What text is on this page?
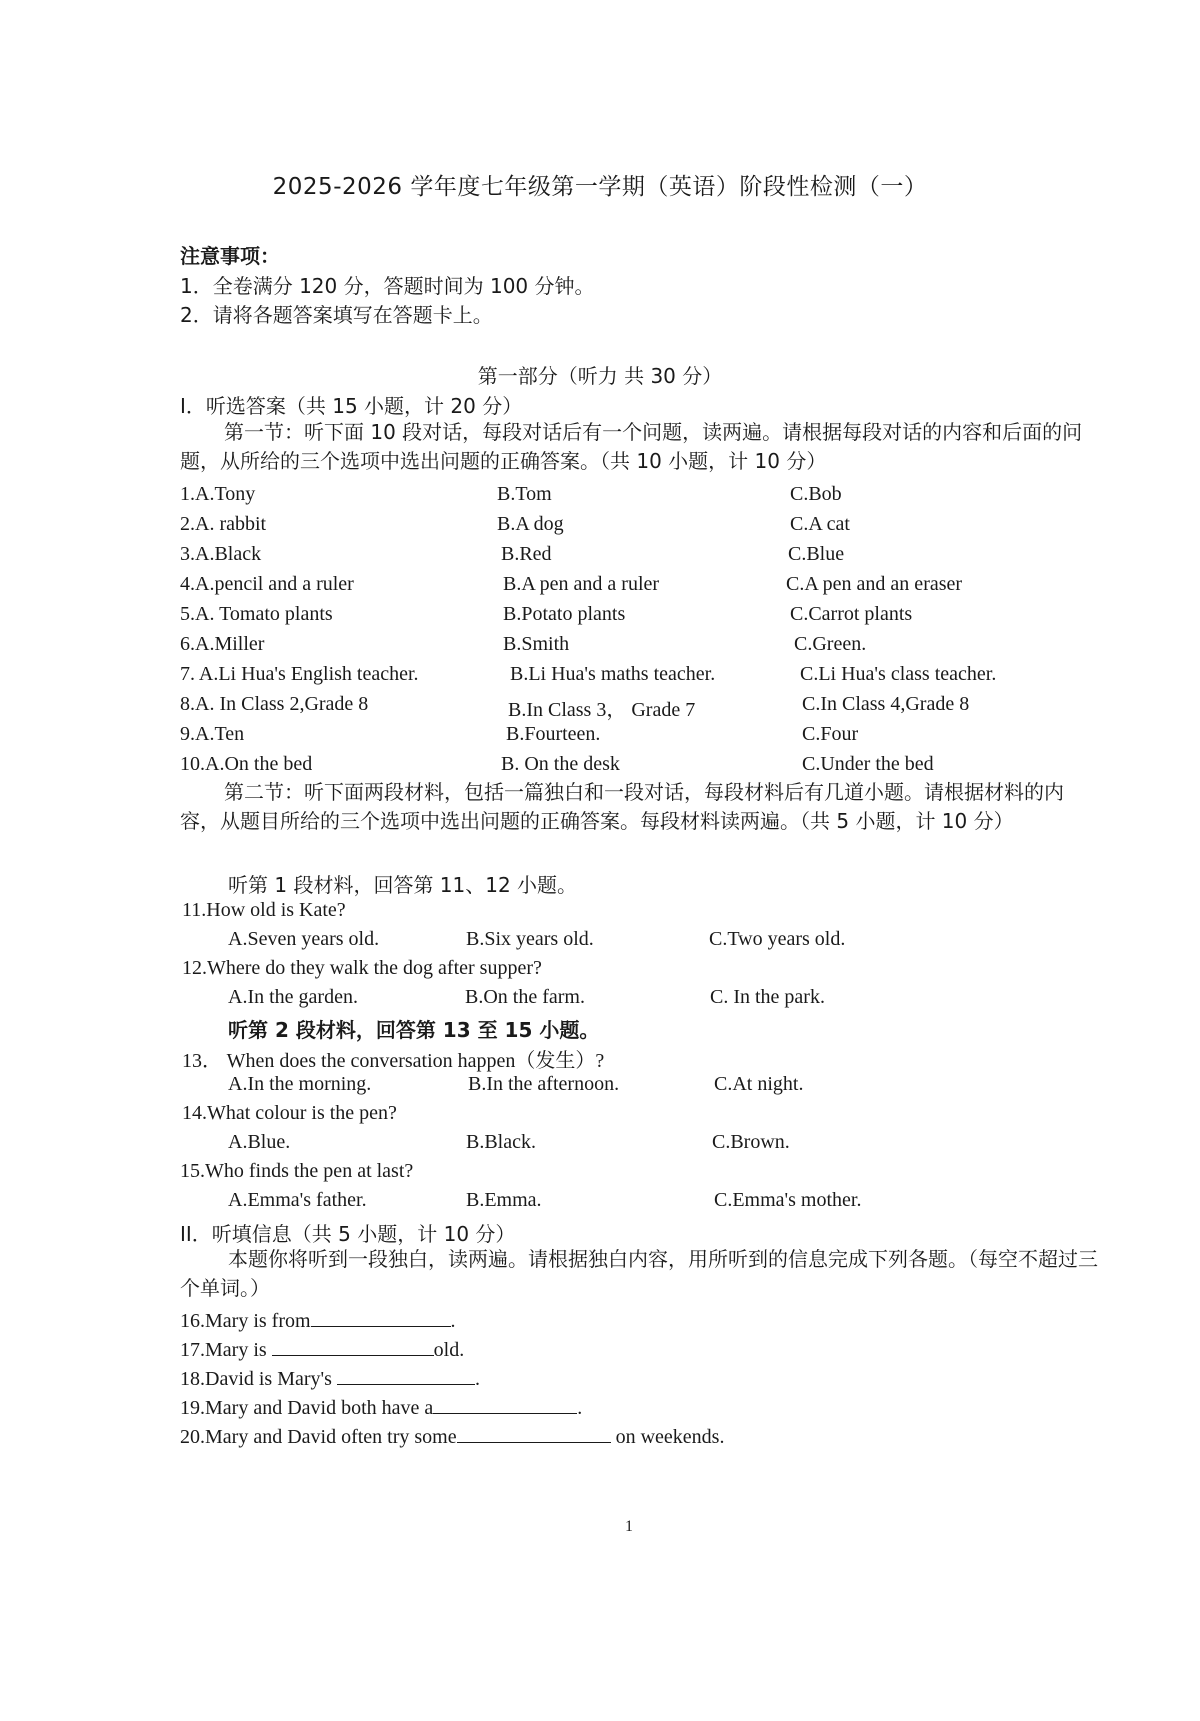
2025-2026 学年度七年级第一学期（英语）阶段性检测（一）
注意事项：
1．全卷满分 120 分，答题时间为 100 分钟。
2．请将各题答案填写在答题卡上。
第一部分（听力 共 30 分）
I．听选答案（共 15 小题，计 20 分）
第一节：听下面 10 段对话，每段对话后有一个问题，读两遍。请根据每段对话的内容和后面的问题，从所给的三个选项中选出问题的正确答案。（共 10 小题，计 10 分）
1.A.Tony	B.Tom	C.Bob
2.A. rabbit	B.A dog	C.A cat
3.A.Black	B.Red	C.Blue
4.A.pencil and a ruler	B.A pen and a ruler	C.A pen and an eraser
5.A. Tomato plants	B.Potato plants	C.Carrot plants
6.A.Miller	B.Smith	C.Green.
7. A.Li Hua's English teacher.	B.Li Hua's maths teacher.	C.Li Hua's class teacher.
8.A. In Class 2,Grade 8	B.In Class 3， Grade 7	C.In Class 4,Grade 8
9.A.Ten	B.Fourteen.	C.Four
10.A.On the bed	B. On the desk	C.Under the bed
第二节：听下面两段材料，包括一篇独白和一段对话，每段材料后有几道小题。请根据材料的内容，从题目所给的三个选项中选出问题的正确答案。每段材料读两遍。（共 5 小题，计 10 分）
听第 1 段材料，回答第 11、12 小题。
11.How old is Kate?
A.Seven years old.	B.Six years old.	C.Two years old.
12.Where do they walk the dog after supper?
A.In the garden.	B.On the farm.	C. In the park.
听第 2 段材料，回答第 13 至 15 小题。
13． When does the conversation happen（发生）?
A.In the morning.	B.In the afternoon.	C.At night.
14.What colour is the pen?
A.Blue.	B.Black.	C.Brown.
15.Who finds the pen at last?
A.Emma's father.	B.Emma.	C.Emma's mother.
II．听填信息（共 5 小题，计 10 分）
本题你将听到一段独白，读两遍。请根据独白内容，用所听到的信息完成下列各题。（每空不超过三个单词。）
16.Mary is from	.
17.Mary is	old.
18.David is Mary's	.
19.Mary and David both have a	.
20.Mary and David often try some	on weekends.
1
